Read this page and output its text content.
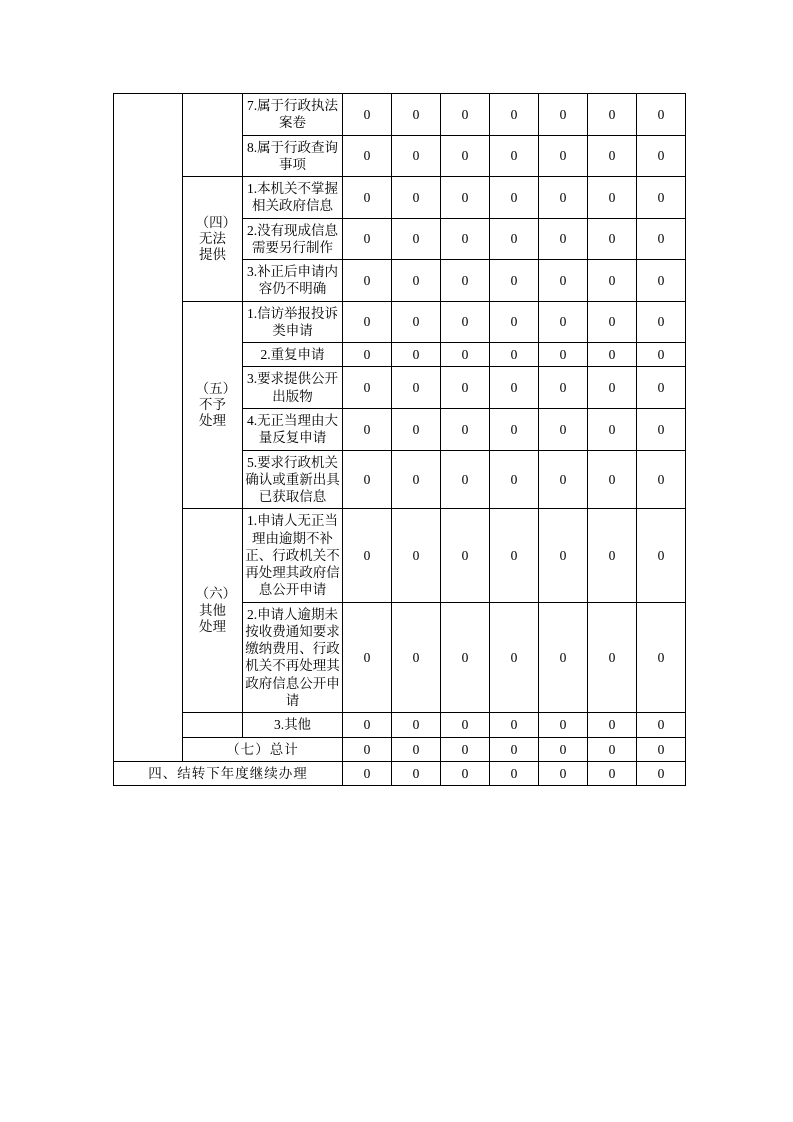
		7.属于行政执法案卷	0	0	0	0	0	0	0
		8.属于行政查询事项	0	0	0	0	0	0	0

	（四）无法提供	1.本机关不掌握相关政府信息	0	0	0	0	0	0	0
		2.没有现成信息需要另行制作	0	0	0	0	0	0	0
		3.补正后申请内容仍不明确	0	0	0	0	0	0	0

	（五）不予处理	1.信访举报投诉类申请	0	0	0	0	0	0	0
		2.重复申请	0	0	0	0	0	0	0
		3.要求提供公开出版物	0	0	0	0	0	0	0
		4.无正当理由大量反复申请	0	0	0	0	0	0	0
		5.要求行政机关确认或重新出具已获取信息	0	0	0	0	0	0	0

	（六）其他处理	1.申请人无正当理由逾期不补正、行政机关不再处理其政府信息公开申请	0	0	0	0	0	0	0
		2.申请人逾期未按收费通知要求缴纳费用、行政机关不再处理其政府信息公开申请	0	0	0	0	0	0	0
		3.其他	0	0	0	0	0	0	0
	（七）总计		0	0	0	0	0	0	0
四、结转下年度继续办理			0	0	0	0	0	0	0
